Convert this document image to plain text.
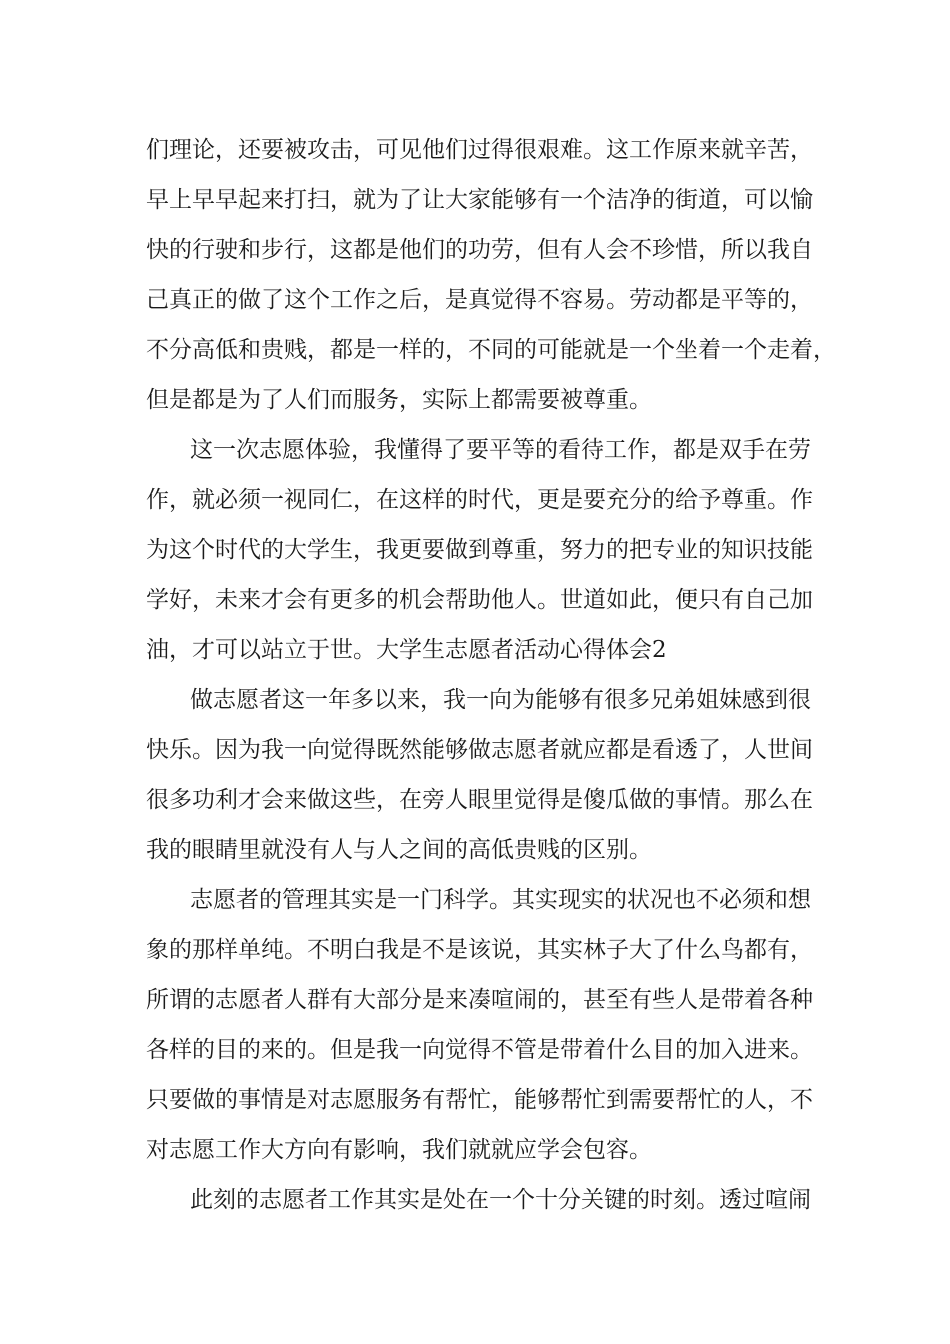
们理论，还要被攻击，可见他们过得很艰难。这工作原来就辛苦，
早上早早起来打扫，就为了让大家能够有一个洁净的街道，可以愉
快的行驶和步行，这都是他们的功劳，但有人会不珍惜，所以我自
己真正的做了这个工作之后，是真觉得不容易。劳动都是平等的，
不分高低和贵贱，都是一样的，不同的可能就是一个坐着一个走着，
但是都是为了人们而服务，实际上都需要被尊重。
这一次志愿体验，我懂得了要平等的看待工作，都是双手在劳
作，就必须一视同仁，在这样的时代，更是要充分的给予尊重。作
为这个时代的大学生，我更要做到尊重，努力的把专业的知识技能
学好，未来才会有更多的机会帮助他人。世道如此，便只有自己加
油，才可以站立于世。大学生志愿者活动心得体会2
做志愿者这一年多以来，我一向为能够有很多兄弟姐妹感到很
快乐。因为我一向觉得既然能够做志愿者就应都是看透了，人世间
很多功利才会来做这些，在旁人眼里觉得是傻瓜做的事情。那么在
我的眼睛里就没有人与人之间的高低贵贱的区别。
志愿者的管理其实是一门科学。其实现实的状况也不必须和想
象的那样单纯。不明白我是不是该说，其实林子大了什么鸟都有，
所谓的志愿者人群有大部分是来凑喧闹的，甚至有些人是带着各种
各样的目的来的。但是我一向觉得不管是带着什么目的加入进来。
只要做的事情是对志愿服务有帮忙，能够帮忙到需要帮忙的人，不
对志愿工作大方向有影响，我们就就应学会包容。
此刻的志愿者工作其实是处在一个十分关键的时刻。透过喧闹
